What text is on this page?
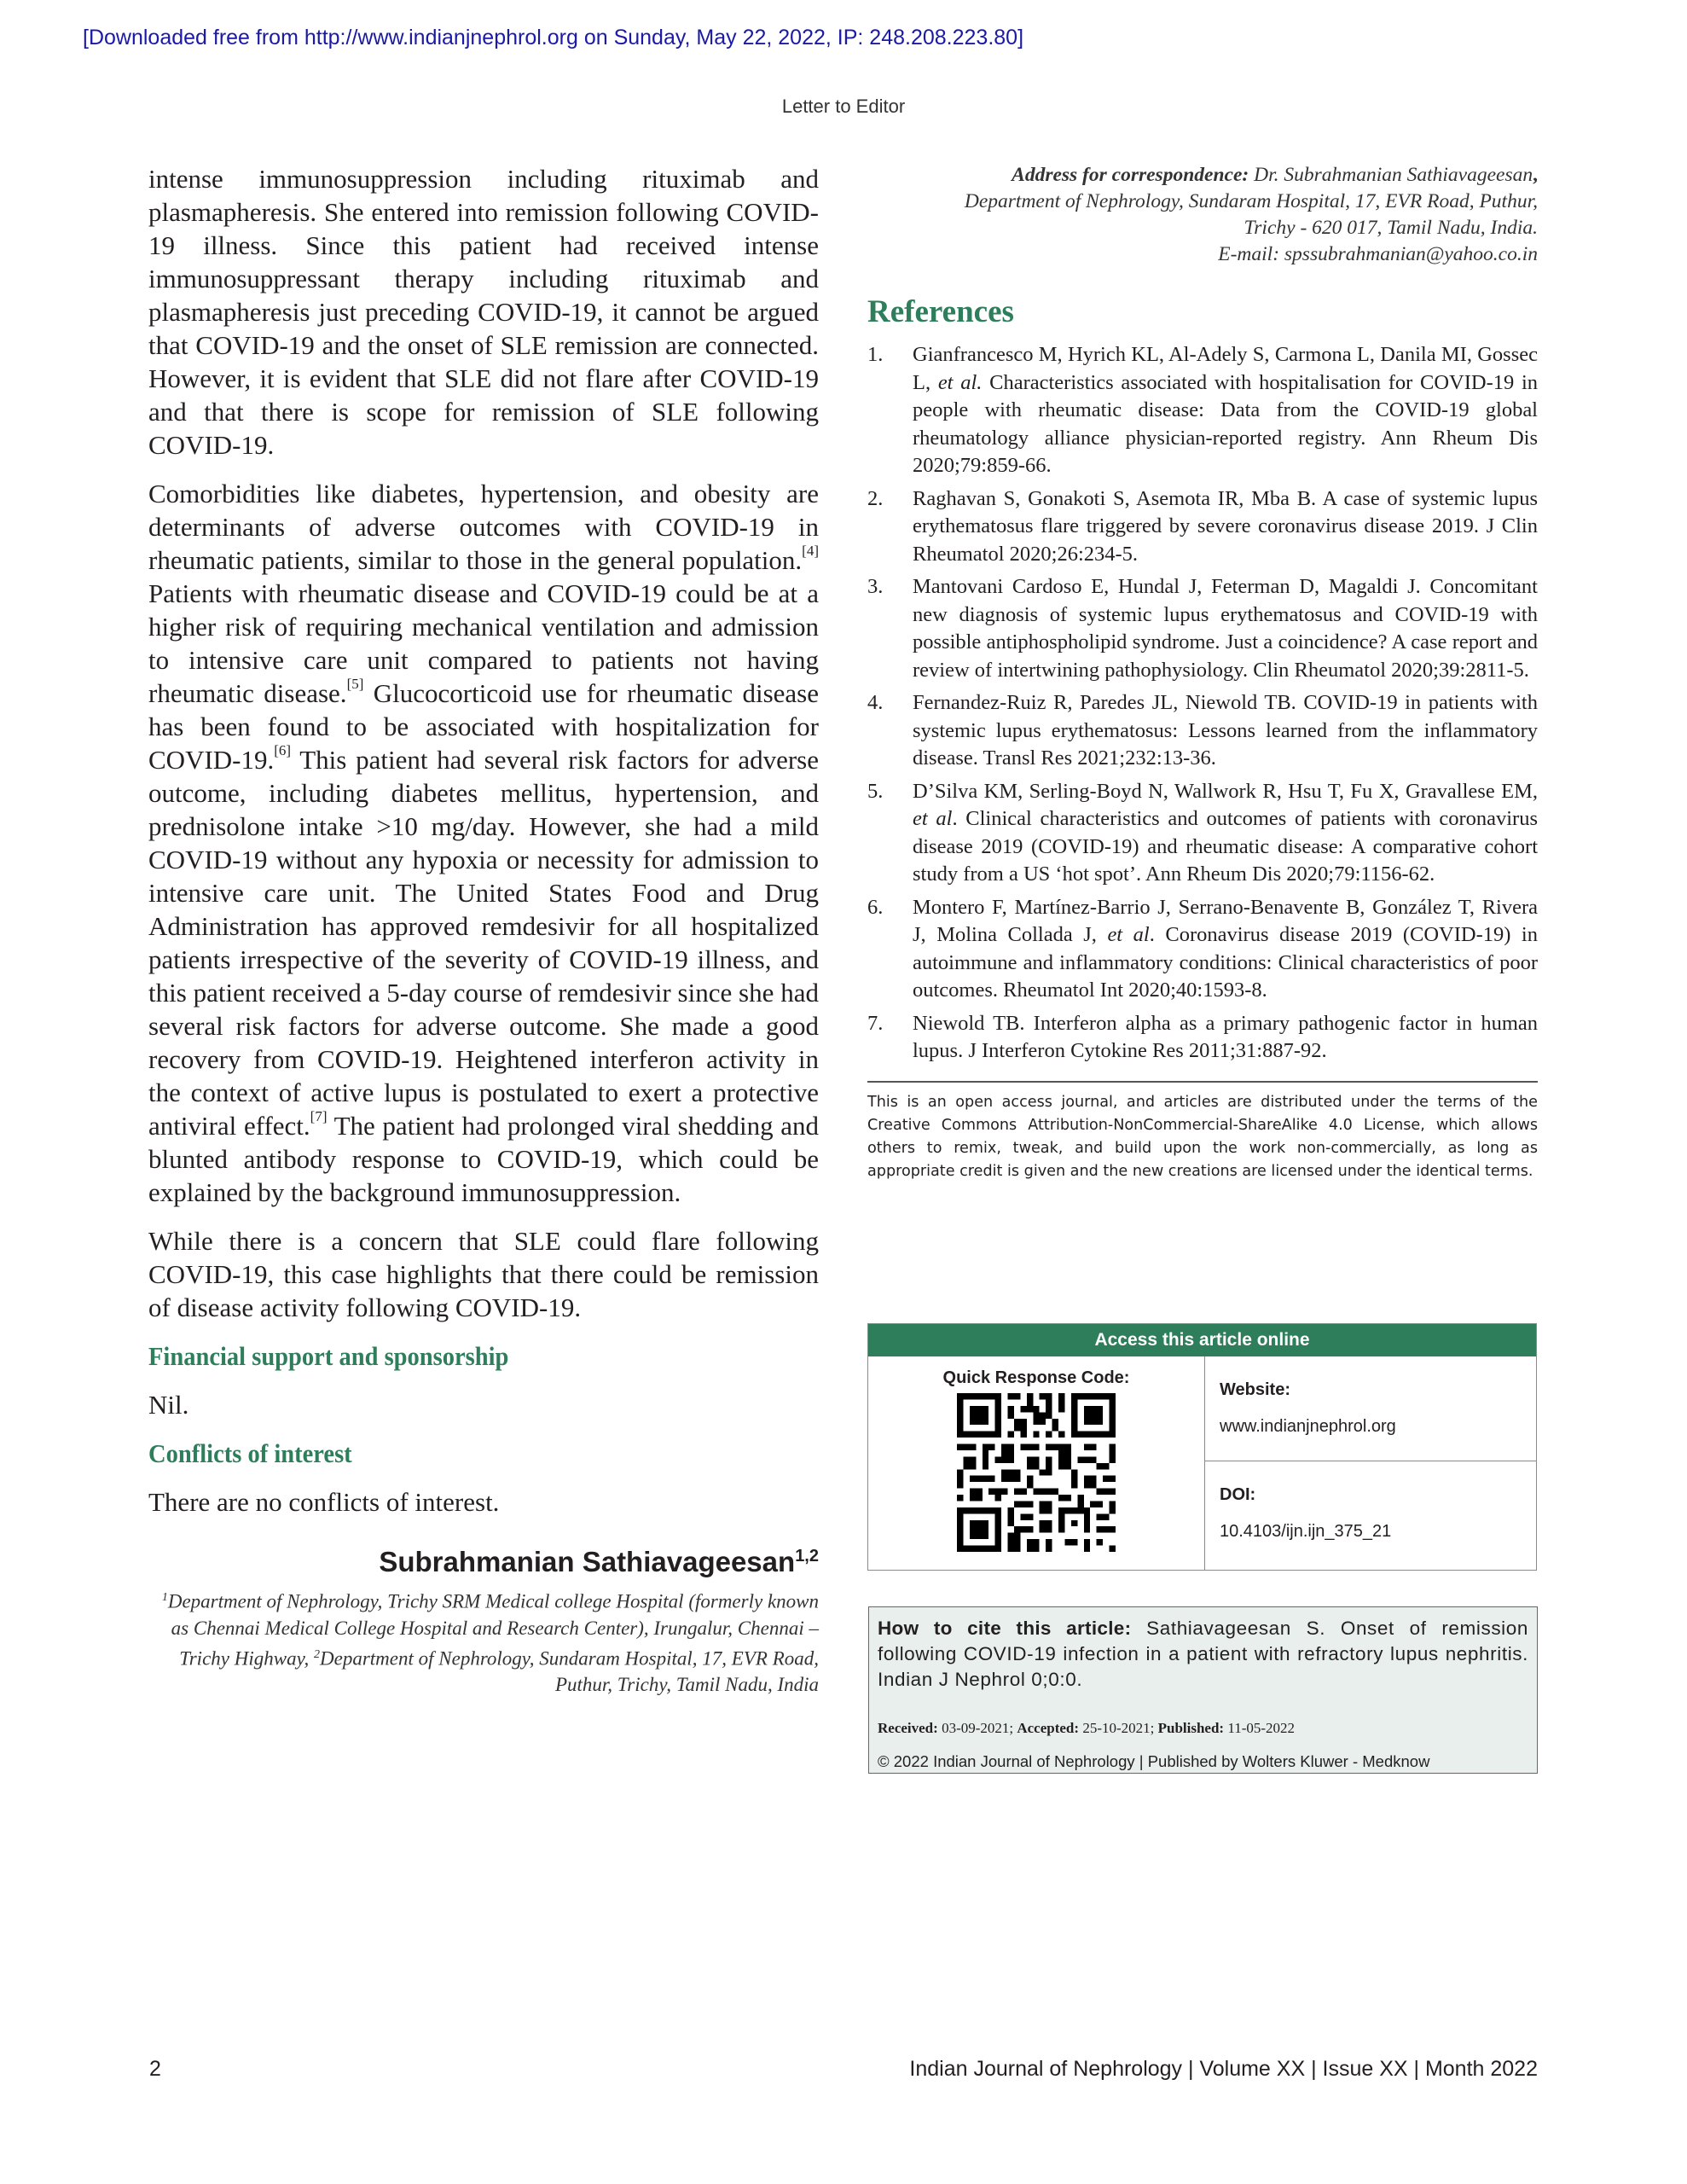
[Downloaded free from http://www.indianjnephrol.org on Sunday, May 22, 2022, IP: 248.208.223.80]
Letter to Editor

intense immunosuppression including rituximab and plasmapheresis. She entered into remission following COVID-19 illness. Since this patient had received intense immunosuppressant therapy including rituximab and plasmapheresis just preceding COVID-19, it cannot be argued that COVID-19 and the onset of SLE remission are connected. However, it is evident that SLE did not flare after COVID-19 and that there is scope for remission of SLE following COVID-19.

Comorbidities like diabetes, hypertension, and obesity are determinants of adverse outcomes with COVID-19 in rheumatic patients, similar to those in the general population.[4] Patients with rheumatic disease and COVID-19 could be at a higher risk of requiring mechanical ventilation and admission to intensive care unit compared to patients not having rheumatic disease.[5] Glucocorticoid use for rheumatic disease has been found to be associated with hospitalization for COVID-19.[6] This patient had several risk factors for adverse outcome, including diabetes mellitus, hypertension, and prednisolone intake >10 mg/day. However, she had a mild COVID-19 without any hypoxia or necessity for admission to intensive care unit. The United States Food and Drug Administration has approved remdesivir for all hospitalized patients irrespective of the severity of COVID-19 illness, and this patient received a 5-day course of remdesivir since she had several risk factors for adverse outcome. She made a good recovery from COVID-19. Heightened interferon activity in the context of active lupus is postulated to exert a protective antiviral effect.[7] The patient had prolonged viral shedding and blunted antibody response to COVID-19, which could be explained by the background immunosuppression.

While there is a concern that SLE could flare following COVID-19, this case highlights that there could be remission of disease activity following COVID-19.

Financial support and sponsorship

Nil.

Conflicts of interest

There are no conflicts of interest.

Subrahmanian Sathiavageesan$^{1,2}$
$^1$Department of Nephrology, Trichy SRM Medical college Hospital (formerly known as Chennai Medical College Hospital and Research Center), Irungalur, Chennai – Trichy Highway, $^2$Department of Nephrology, Sundaram Hospital, 17, EVR Road, Puthur, Trichy, Tamil Nadu, India
Address for correspondence: Dr. Subrahmanian Sathiavageesan,
Department of Nephrology, Sundaram Hospital, 17, EVR Road, Puthur,
Trichy - 620 017, Tamil Nadu, India.
E-mail: spssubrahmanian@yahoo.co.in
References
1. Gianfrancesco M, Hyrich KL, Al-Adely S, Carmona L, Danila MI, Gossec L, et al. Characteristics associated with hospitalisation for COVID-19 in people with rheumatic disease: Data from the COVID-19 global rheumatology alliance physician-reported registry. Ann Rheum Dis 2020;79:859-66.
2. Raghavan S, Gonakoti S, Asemota IR, Mba B. A case of systemic lupus erythematosus flare triggered by severe coronavirus disease 2019. J Clin Rheumatol 2020;26:234-5.
3. Mantovani Cardoso E, Hundal J, Feterman D, Magaldi J. Concomitant new diagnosis of systemic lupus erythematosus and COVID-19 with possible antiphospholipid syndrome. Just a coincidence? A case report and review of intertwining pathophysiology. Clin Rheumatol 2020;39:2811-5.
4. Fernandez-Ruiz R, Paredes JL, Niewold TB. COVID-19 in patients with systemic lupus erythematosus: Lessons learned from the inflammatory disease. Transl Res 2021;232:13-36.
5. D’Silva KM, Serling-Boyd N, Wallwork R, Hsu T, Fu X, Gravallese EM, et al. Clinical characteristics and outcomes of patients with coronavirus disease 2019 (COVID-19) and rheumatic disease: A comparative cohort study from a US ‘hot spot’. Ann Rheum Dis 2020;79:1156-62.
6. Montero F, Martínez-Barrio J, Serrano-Benavente B, González T, Rivera J, Molina Collada J, et al. Coronavirus disease 2019 (COVID-19) in autoimmune and inflammatory conditions: Clinical characteristics of poor outcomes. Rheumatol Int 2020;40:1593-8.
7. Niewold TB. Interferon alpha as a primary pathogenic factor in human lupus. J Interferon Cytokine Res 2011;31:887-92.
This is an open access journal, and articles are distributed under the terms of the Creative Commons Attribution-NonCommercial-ShareAlike 4.0 License, which allows others to remix, tweak, and build upon the work non-commercially, as long as appropriate credit is given and the new creations are licensed under the identical terms.
Access this article online
Quick Response Code:
Website:
www.indianjnephrol.org
DOI:
10.4103/ijn.ijn_375_21
How to cite this article: Sathiavageesan S. Onset of remission following COVID-19 infection in a patient with refractory lupus nephritis. Indian J Nephrol 0;0:0.
Received: 03-09-2021; Accepted: 25-10-2021; Published: 11-05-2022
© 2022 Indian Journal of Nephrology | Published by Wolters Kluwer - Medknow
2	Indian Journal of Nephrology | Volume XX | Issue XX | Month 2022
